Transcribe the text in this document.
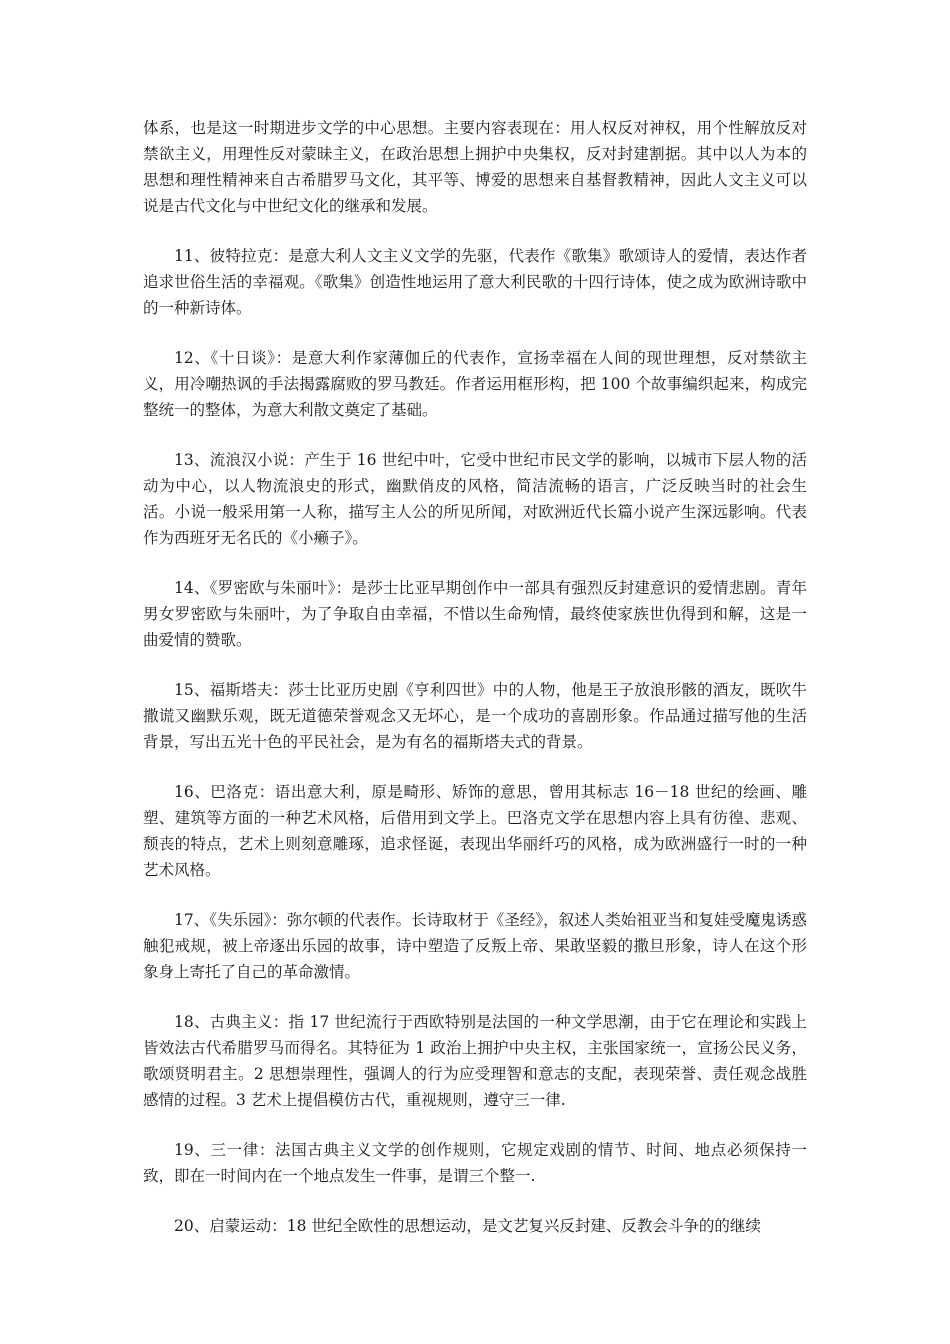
体系，也是这一时期进步文学的中心思想。主要内容表现在：用人权反对神权，用个性解放反对禁欲主义，用理性反对蒙昧主义，在政治思想上拥护中央集权，反对封建割据。其中以人为本的思想和理性精神来自古希腊罗马文化，其平等、博爱的思想来自基督教精神，因此人文主义可以说是古代文化与中世纪文化的继承和发展。

11、彼特拉克：是意大利人文主义文学的先驱，代表作《歌集》歌颂诗人的爱情，表达作者追求世俗生活的幸福观。《歌集》创造性地运用了意大利民歌的十四行诗体，使之成为欧洲诗歌中的一种新诗体。

12、《十日谈》：是意大利作家薄伽丘的代表作，宣扬幸福在人间的现世理想，反对禁欲主义，用冷嘲热讽的手法揭露腐败的罗马教廷。作者运用框形构，把 100 个故事编织起来，构成完整统一的整体，为意大利散文奠定了基础。

13、流浪汉小说：产生于 16 世纪中叶，它受中世纪市民文学的影响，以城市下层人物的活动为中心，以人物流浪史的形式，幽默俏皮的风格，简洁流畅的语言，广泛反映当时的社会生活。小说一般采用第一人称，描写主人公的所见所闻，对欧洲近代长篇小说产生深远影响。代表作为西班牙无名氏的《小癞子》。

14、《罗密欧与朱丽叶》：是莎士比亚早期创作中一部具有强烈反封建意识的爱情悲剧。青年男女罗密欧与朱丽叶，为了争取自由幸福，不惜以生命殉情，最终使家族世仇得到和解，这是一曲爱情的赞歌。

15、福斯塔夫：莎士比亚历史剧《亨利四世》中的人物，他是王子放浪形骸的酒友，既吹牛撒谎又幽默乐观，既无道德荣誉观念又无坏心，是一个成功的喜剧形象。作品通过描写他的生活背景，写出五光十色的平民社会，是为有名的福斯塔夫式的背景。

16、巴洛克：语出意大利，原是畸形、矫饰的意思，曾用其标志 16－18 世纪的绘画、雕塑、建筑等方面的一种艺术风格，后借用到文学上。巴洛克文学在思想内容上具有彷徨、悲观、颓丧的特点，艺术上则刻意雕琢，追求怪诞，表现出华丽纤巧的风格，成为欧洲盛行一时的一种艺术风格。

17、《失乐园》：弥尔顿的代表作。长诗取材于《圣经》，叙述人类始祖亚当和复娃受魔鬼诱惑触犯戒规，被上帝逐出乐园的故事，诗中塑造了反叛上帝、果敢坚毅的撒旦形象，诗人在这个形象身上寄托了自己的革命激情。

18、古典主义：指 17 世纪流行于西欧特别是法国的一种文学思潮，由于它在理论和实践上皆效法古代希腊罗马而得名。其特征为 1 政治上拥护中央主权，主张国家统一，宣扬公民义务，歌颂贤明君主。2 思想崇理性，强调人的行为应受理智和意志的支配，表现荣誉、责任观念战胜感情的过程。3 艺术上提倡模仿古代，重视规则，遵守三一律.

19、三一律：法国古典主义文学的创作规则，它规定戏剧的情节、时间、地点必须保持一致，即在一时间内在一个地点发生一件事，是谓三个整一.

20、启蒙运动：18 世纪全欧性的思想运动，是文艺复兴反封建、反教会斗争的的继续
